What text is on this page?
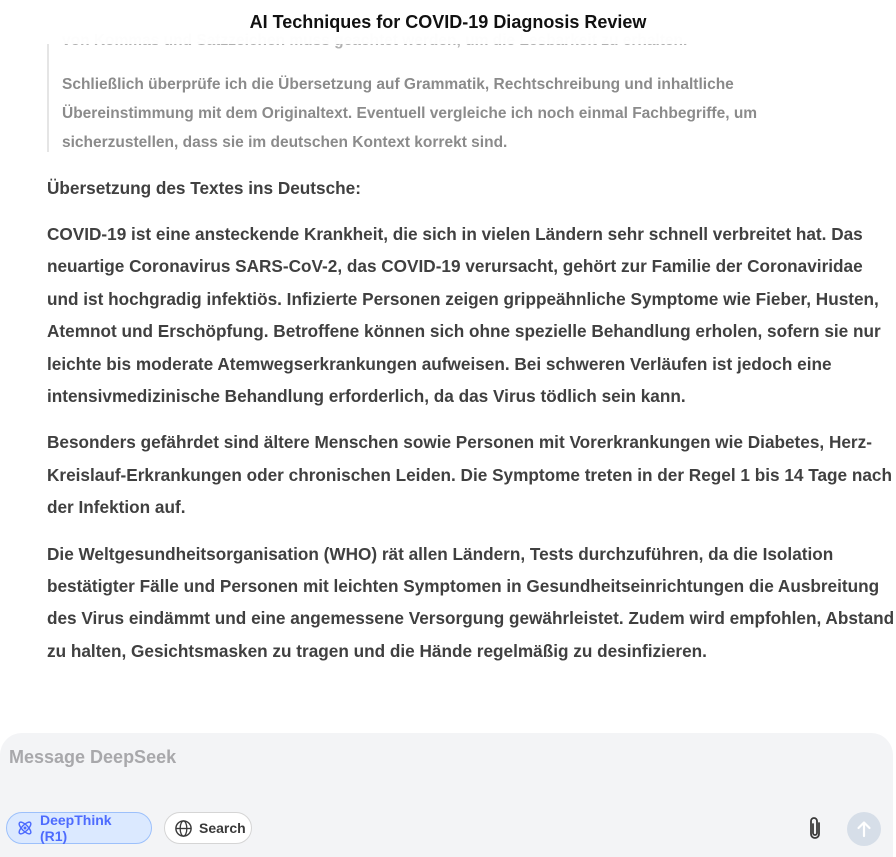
Schließlich überprüfe ich die Übersetzung auf Grammatik, Rechtschreibung und inhaltliche Übereinstimmung mit dem Originaltext. Eventuell vergleiche ich noch einmal Fachbegriffe, um sicherzustellen, dass sie im deutschen Kontext korrekt sind.
Übersetzung des Textes ins Deutsche:

COVID-19 ist eine ansteckende Krankheit, die sich in vielen Ländern sehr schnell verbreitet hat. Das neuartige Coronavirus SARS-CoV-2, das COVID-19 verursacht, gehört zur Familie der Coronaviridae und ist hochgradig infektiös. Infizierte Personen zeigen grippeähnliche Symptome wie Fieber, Husten, Atemnot und Erschöpfung. Betroffene können sich ohne spezielle Behandlung erholen, sofern sie nur leichte bis moderate Atemwegserkrankungen aufweisen. Bei schweren Verläufen ist jedoch eine intensivmedizinische Behandlung erforderlich, da das Virus tödlich sein kann.

Besonders gefährdet sind ältere Menschen sowie Personen mit Vorerkrankungen wie Diabetes, Herz-Kreislauf-Erkrankungen oder chronischen Leiden. Die Symptome treten in der Regel 1 bis 14 Tage nach der Infektion auf.

Die Weltgesundheitsorganisation (WHO) rät allen Ländern, Tests durchzuführen, da die Isolation bestätigter Fälle und Personen mit leichten Symptomen in Gesundheitseinrichtungen die Ausbreitung des Virus eindämmt und eine angemessene Versorgung gewährleistet. Zudem wird empfohlen, Abstand zu halten, Gesichtsmasken zu tragen und die Hände regelmäßig zu desinfizieren.

AI Techniques for COVID-19 Diagnosis Review
Message DeepSeek
DeepThink (R1)	Search
